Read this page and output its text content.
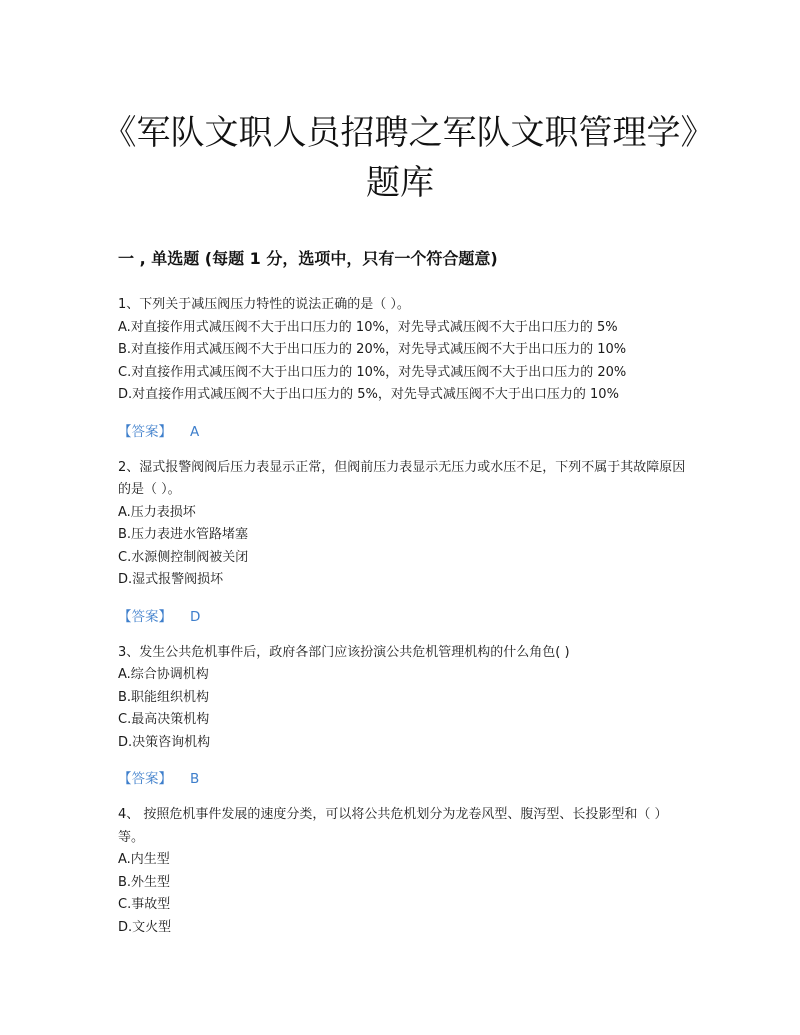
《军队文职人员招聘之军队文职管理学》题库
一 , 单选题 (每题 1 分，选项中，只有一个符合题意)
1、下列关于减压阀压力特性的说法正确的是（ ）。
A.对直接作用式减压阀不大于出口压力的 10%，对先导式减压阀不大于出口压力的 5%
B.对直接作用式减压阀不大于出口压力的 20%，对先导式减压阀不大于出口压力的 10%
C.对直接作用式减压阀不大于出口压力的 10%，对先导式减压阀不大于出口压力的 20%
D.对直接作用式减压阀不大于出口压力的 5%，对先导式减压阀不大于出口压力的 10%
【答案】 A
2、湿式报警阀阀后压力表显示正常，但阀前压力表显示无压力或水压不足，下列不属于其故障原因的是（ ）。
A.压力表损坏
B.压力表进水管路堵塞
C.水源侧控制阀被关闭
D.湿式报警阀损坏
【答案】 D
3、发生公共危机事件后，政府各部门应该扮演公共危机管理机构的什么角色( )
A.综合协调机构
B.职能组织机构
C.最高决策机构
D.决策咨询机构
【答案】 B
4、 按照危机事件发展的速度分类，可以将公共危机划分为龙卷风型、腹泻型、长投影型和（ ）等。
A.内生型
B.外生型
C.事故型
D.文火型
